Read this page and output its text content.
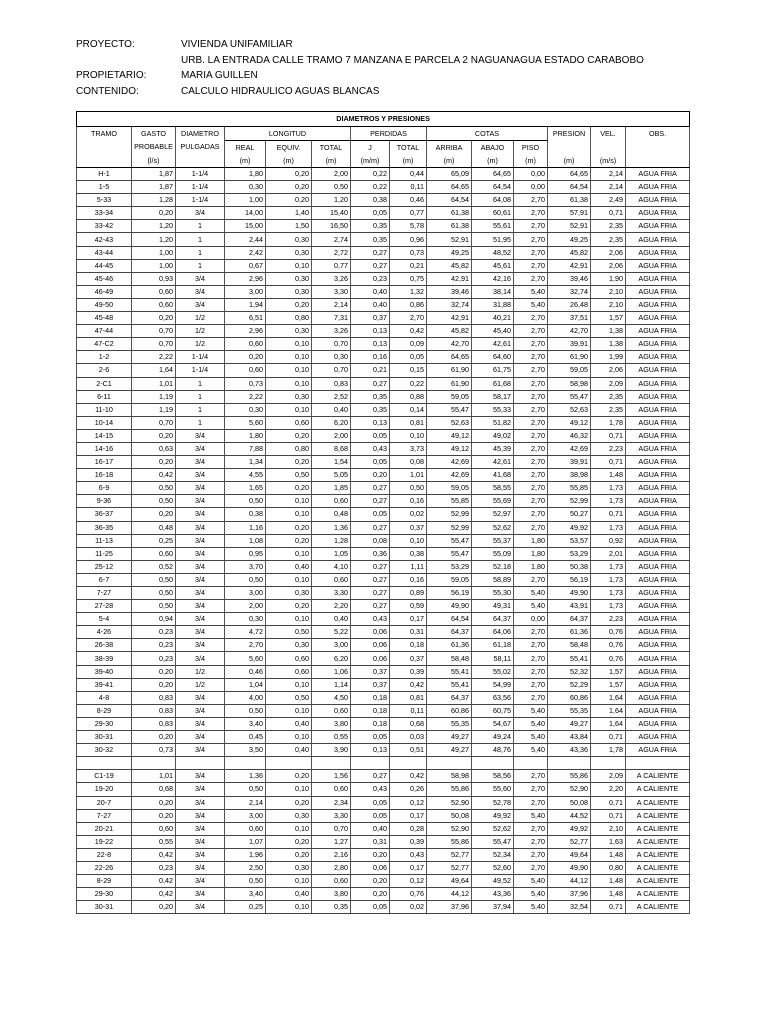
PROYECTO:	VIVIENDA UNIFAMILIAR
URB. LA ENTRADA CALLE TRAMO 7 MANZANA E PARCELA 2 NAGUANAGUA ESTADO CARABOBO
PROPIETARIO:	MARIA GUILLEN
CONTENIDO:	CALCULO HIDRAULICO AGUAS BLANCAS
DIAMETROS Y PRESIONES													
TRAMO	GASTO	DIAMETRO	LONGITUD			PERDIDAS		COTAS			PRESION	VEL.	OBS.
	PROBABLE	PULGADAS	REAL	EQUIV.	TOTAL	J	TOTAL	ARRIBA	ABAJO	PISO			
	(l/s)		(m)	(m)	(m)	(m/m)	(m)	(m)	(m)	(m)	(m)	(m/s)	
H-1	1,87	1-1/4	1,80	0,20	2,00	0,22	0,44	65,09	64,65	0,00	64,65	2,14	AGUA FRIA
1-5	1,87	1-1/4	0,30	0,20	0,50	0,22	0,11	64,65	64,54	0,00	64,54	2,14	AGUA FRIA
5-33	1,28	1-1/4	1,00	0,20	1,20	0,38	0,46	64,54	64,08	2,70	61,38	2,49	AGUA FRIA
33-34	0,20	3/4	14,00	1,40	15,40	0,05	0,77	61,38	60,61	2,70	57,91	0,71	AGUA FRIA
33-42	1,20	1	15,00	1,50	16,50	0,35	5,78	61,38	55,61	2,70	52,91	2,35	AGUA FRIA
42-43	1,20	1	2,44	0,30	2,74	0,35	0,96	52,91	51,95	2,70	49,25	2,35	AGUA FRIA
43-44	1,00	1	2,42	0,30	2,72	0,27	0,73	49,25	48,52	2,70	45,82	2,06	AGUA FRIA
44-45	1,00	1	0,67	0,10	0,77	0,27	0,21	45,82	45,61	2,70	42,91	2,06	AGUA FRIA
45-46	0,93	3/4	2,96	0,30	3,26	0,23	0,75	42,91	42,16	2,70	39,46	1,90	AGUA FRIA
46-49	0,60	3/4	3,00	0,30	3,30	0,40	1,32	39,46	38,14	5,40	32,74	2,10	AGUA FRIA
49-50	0,60	3/4	1,94	0,20	2,14	0,40	0,86	32,74	31,88	5,40	26,48	2,10	AGUA FRIA
45-48	0,20	1/2	6,51	0,80	7,31	0,37	2,70	42,91	40,21	2,70	37,51	1,57	AGUA FRIA
47-44	0,70	1/2	2,96	0,30	3,26	0,13	0,42	45,82	45,40	2,70	42,70	1,38	AGUA FRIA
47-C2	0,70	1/2	0,60	0,10	0,70	0,13	0,09	42,70	42,61	2,70	39,91	1,38	AGUA FRIA
1-2	2,22	1-1/4	0,20	0,10	0,30	0,16	0,05	64,65	64,60	2,70	61,90	1,99	AGUA FRIA
2-6	1,64	1-1/4	0,60	0,10	0,70	0,21	0,15	61,90	61,75	2,70	59,05	2,06	AGUA FRIA
2-C1	1,01	1	0,73	0,10	0,83	0,27	0,22	61,90	61,68	2,70	58,98	2,09	AGUA FRIA
6-11	1,19	1	2,22	0,30	2,52	0,35	0,88	59,05	58,17	2,70	55,47	2,35	AGUA FRIA
11-10	1,19	1	0,30	0,10	0,40	0,35	0,14	55,47	55,33	2,70	52,63	2,35	AGUA FRIA
10-14	0,70	1	5,60	0,60	6,20	0,13	0,81	52,63	51,82	2,70	49,12	1,78	AGUA FRIA
14-15	0,20	3/4	1,80	0,20	2,00	0,05	0,10	49,12	49,02	2,70	46,32	0,71	AGUA FRIA
14-16	0,63	3/4	7,88	0,80	8,68	0,43	3,73	49,12	45,39	2,70	42,69	2,23	AGUA FRIA
16-17	0,20	3/4	1,34	0,20	1,54	0,05	0,08	42,69	42,61	2,70	39,91	0,71	AGUA FRIA
16-18	0,42	3/4	4,55	0,50	5,05	0,20	1,01	42,69	41,68	2,70	38,98	1,48	AGUA FRIA
6-9	0,50	3/4	1,65	0,20	1,85	0,27	0,50	59,05	58,55	2,70	55,85	1,73	AGUA FRIA
9-36	0,50	3/4	0,50	0,10	0,60	0,27	0,16	55,85	55,69	2,70	52,99	1,73	AGUA FRIA
36-37	0,20	3/4	0,38	0,10	0,48	0,05	0,02	52,99	52,97	2,70	50,27	0,71	AGUA FRIA
36-35	0,48	3/4	1,16	0,20	1,36	0,27	0,37	52,99	52,62	2,70	49,92	1,73	AGUA FRIA
11-13	0,25	3/4	1,08	0,20	1,28	0,08	0,10	55,47	55,37	1,80	53,57	0,92	AGUA FRIA
11-25	0,60	3/4	0,95	0,10	1,05	0,36	0,38	55,47	55,09	1,80	53,29	2,01	AGUA FRIA
25-12	0,52	3/4	3,70	0,40	4,10	0,27	1,11	53,29	52,18	1,80	50,38	1,73	AGUA FRIA
6-7	0,50	3/4	0,50	0,10	0,60	0,27	0,16	59,05	58,89	2,70	56,19	1,73	AGUA FRIA
7-27	0,50	3/4	3,00	0,30	3,30	0,27	0,89	56,19	55,30	5,40	49,90	1,73	AGUA FRIA
27-28	0,50	3/4	2,00	0,20	2,20	0,27	0,59	49,90	49,31	5,40	43,91	1,73	AGUA FRIA
5-4	0,94	3/4	0,30	0,10	0,40	0,43	0,17	64,54	64,37	0,00	64,37	2,23	AGUA FRIA
4-26	0,23	3/4	4,72	0,50	5,22	0,06	0,31	64,37	64,06	2,70	61,36	0,76	AGUA FRIA
26-38	0,23	3/4	2,70	0,30	3,00	0,06	0,18	61,36	61,18	2,70	58,48	0,76	AGUA FRIA
38-39	0,23	3/4	5,60	0,60	6,20	0,06	0,37	58,48	58,11	2,70	55,41	0,76	AGUA FRIA
39-40	0,20	1/2	0,46	0,60	1,06	0,37	0,39	55,41	55,02	2,70	52,32	1,57	AGUA FRIA
39-41	0,20	1/2	1,04	0,10	1,14	0,37	0,42	55,41	54,99	2,70	52,29	1,57	AGUA FRIA
4-8	0,83	3/4	4,00	0,50	4,50	0,18	0,81	64,37	63,56	2,70	60,86	1,64	AGUA FRIA
8-29	0,83	3/4	0,50	0,10	0,60	0,18	0,11	60,86	60,75	5,40	55,35	1,64	AGUA FRIA
29-30	0,83	3/4	3,40	0,40	3,80	0,18	0,68	55,35	54,67	5,40	49,27	1,64	AGUA FRIA
30-31	0,20	3/4	0,45	0,10	0,55	0,05	0,03	49,27	49,24	5,40	43,84	0,71	AGUA FRIA
30-32	0,73	3/4	3,50	0,40	3,90	0,13	0,51	49,27	48,76	5,40	43,36	1,78	AGUA FRIA

C1-19	1,01	3/4	1,36	0,20	1,56	0,27	0,42	58,98	58,56	2,70	55,86	2,09	A CALIENTE
19-20	0,68	3/4	0,50	0,10	0,60	0,43	0,26	55,86	55,60	2,70	52,90	2,20	A CALIENTE
20-7	0,20	3/4	2,14	0,20	2,34	0,05	0,12	52,90	52,78	2,70	50,08	0,71	A CALIENTE
7-27	0,20	3/4	3,00	0,30	3,30	0,05	0,17	50,08	49,92	5,40	44,52	0,71	A CALIENTE
20-21	0,60	3/4	0,60	0,10	0,70	0,40	0,28	52,90	52,62	2,70	49,92	2,10	A CALIENTE
19-22	0,55	3/4	1,07	0,20	1,27	0,31	0,39	55,86	55,47	2,70	52,77	1,63	A CALIENTE
22-8	0,42	3/4	1,96	0,20	2,16	0,20	0,43	52,77	52,34	2,70	49,64	1,48	A CALIENTE
22-26	0,23	3/4	2,50	0,30	2,80	0,06	0,17	52,77	52,60	2,70	49,90	0,80	A CALIENTE
8-29	0,42	3/4	0,50	0,10	0,60	0,20	0,12	49,64	49,52	5,40	44,12	1,48	A CALIENTE
29-30	0,42	3/4	3,40	0,40	3,80	0,20	0,76	44,12	43,36	5,40	37,96	1,48	A CALIENTE
30-31	0,20	3/4	0,25	0,10	0,35	0,05	0,02	37,96	37,94	5,40	32,54	0,71	A CALIENTE
